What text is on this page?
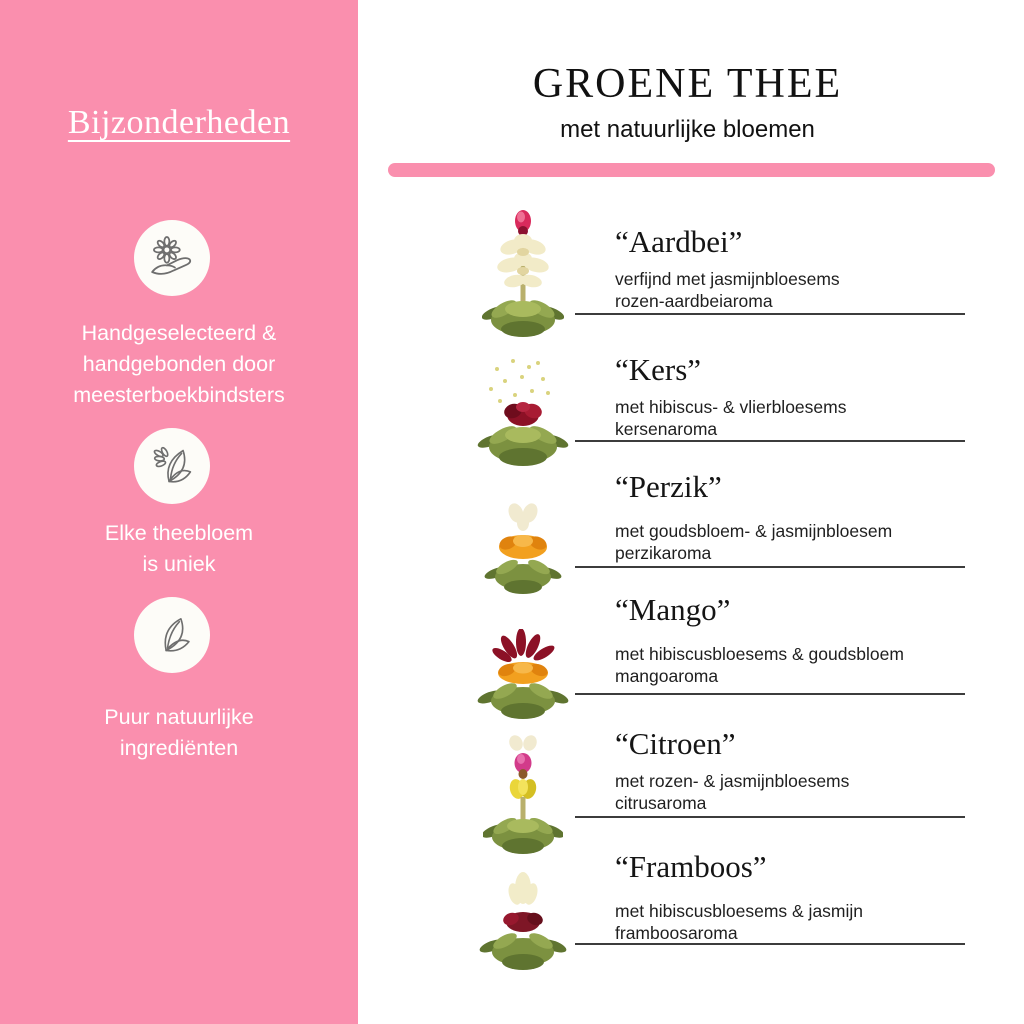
Bijzonderheden
Handgeselecteerd &
handgebonden door
meesterboekbindsters
Elke theebloem
is uniek
Puur natuurlijke
ingrediënten
GROENE THEE
met natuurlijke bloemen
“Aardbei”
verfijnd met jasmijnbloesems
rozen-aardbeiaroma
“Kers”
met hibiscus- & vlierbloesems
kersenaroma
“Perzik”
met goudsbloem- & jasmijnbloesem
perzikaroma
“Mango”
met hibiscusbloesems & goudsbloem
mangoaroma
“Citroen”
met rozen- & jasmijnbloesems
citrusaroma
“Framboos”
met hibiscusbloesems & jasmijn
framboosaroma
